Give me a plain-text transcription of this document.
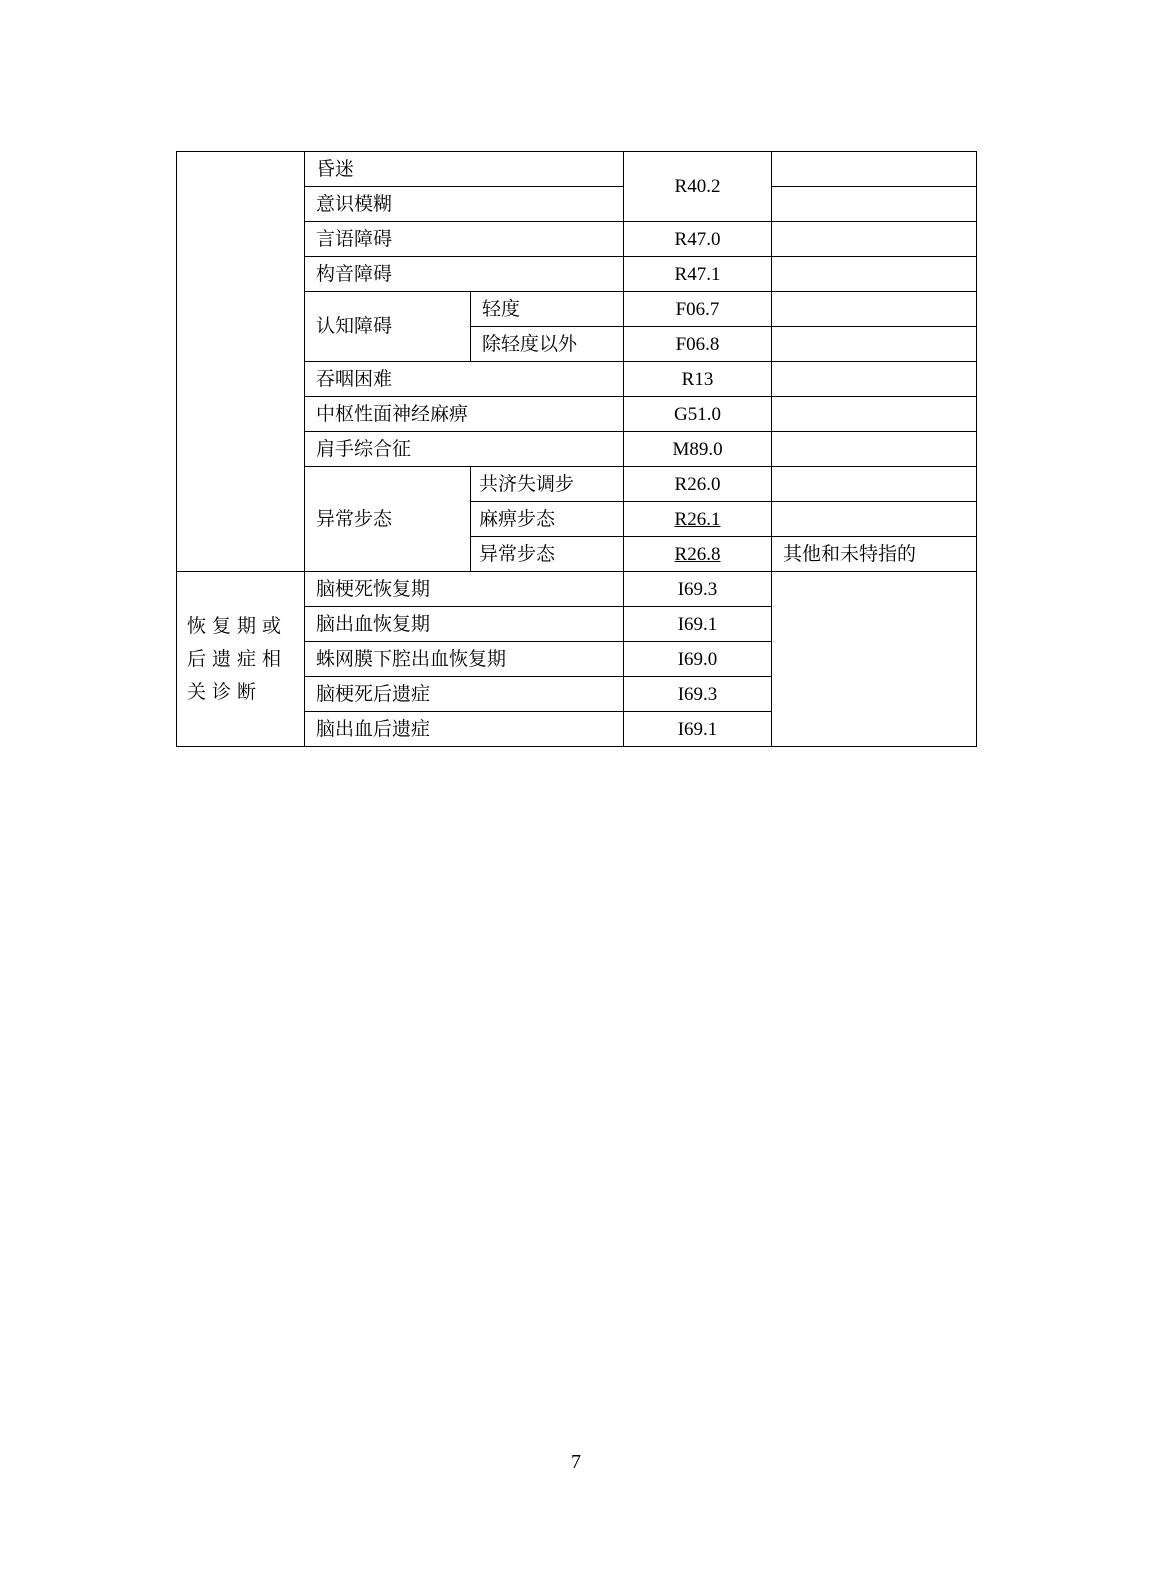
	昏迷		R40.2	
	意识模糊			
	言语障碍		R47.0	
	构音障碍		R47.1	
	认知障碍	轻度	F06.7	
		除轻度以外	F06.8	
	吞咽困难		R13	
	中枢性面神经麻痹		G51.0	
	肩手综合征		M89.0	
	异常步态	共济失调步	R26.0	
		麻痹步态	R26.1	
		异常步态	R26.8	其他和未特指的
恢复期或后遗症相关诊断	脑梗死恢复期		I69.3	
	脑出血恢复期		I69.1	
	蛛网膜下腔出血恢复期		I69.0	
	脑梗死后遗症		I69.3	
	脑出血后遗症		I69.1	
7
